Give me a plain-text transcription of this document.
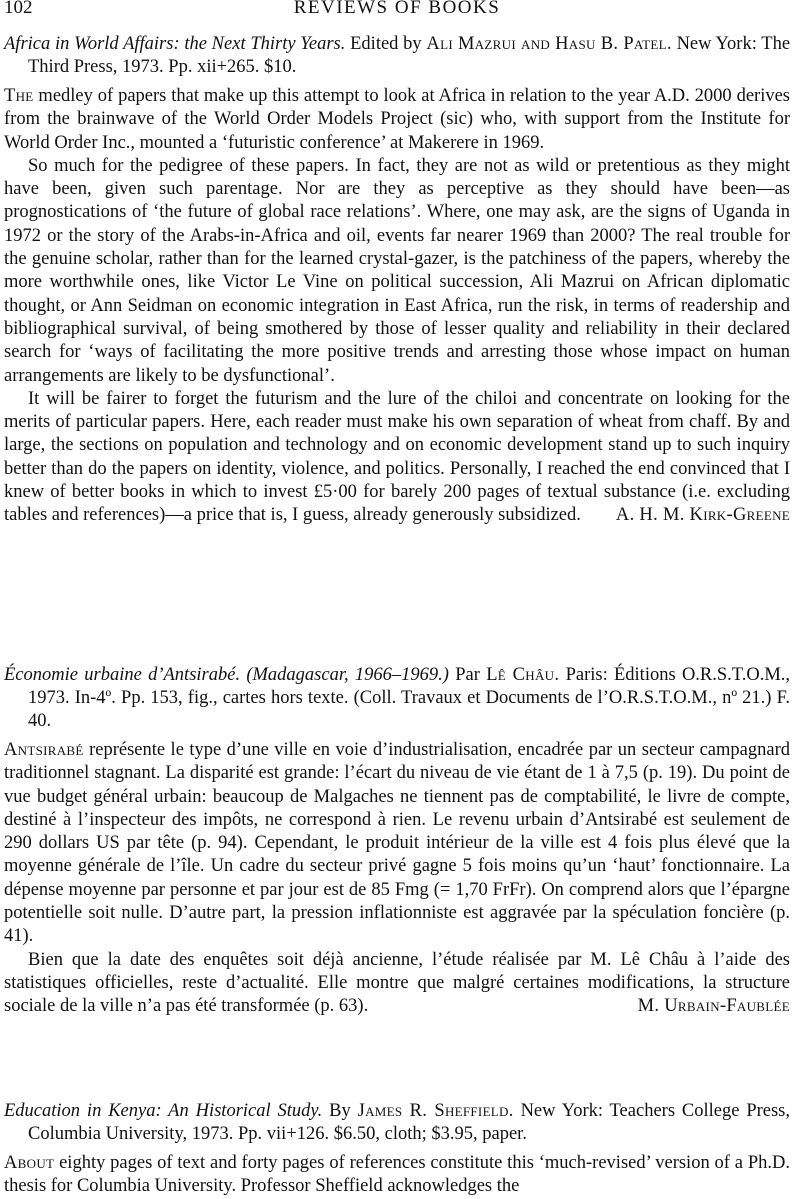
102	REVIEWS OF BOOKS

Africa in World Affairs: the Next Thirty Years. Edited by Ali Mazrui and Hasu B. Patel. New York: The Third Press, 1973. Pp. xii+265. $10.

The medley of papers that make up this attempt to look at Africa in relation to the year A.D. 2000 derives from the brainwave of the World Order Models Project (sic) who, with support from the Institute for World Order Inc., mounted a ‘futuristic conference’ at Makerere in 1969.

So much for the pedigree of these papers. In fact, they are not as wild or pretentious as they might have been, given such parentage. Nor are they as perceptive as they should have been—as prognostications of ‘the future of global race relations’. Where, one may ask, are the signs of Uganda in 1972 or the story of the Arabs-in-Africa and oil, events far nearer 1969 than 2000? The real trouble for the genuine scholar, rather than for the learned crystal-gazer, is the patchiness of the papers, whereby the more worthwhile ones, like Victor Le Vine on political succession, Ali Mazrui on African diplomatic thought, or Ann Seidman on economic integration in East Africa, run the risk, in terms of readership and bibliographical survival, of being smothered by those of lesser quality and reliability in their declared search for ‘ways of facilitating the more positive trends and arresting those whose impact on human arrangements are likely to be dysfunctional’.

It will be fairer to forget the futurism and the lure of the chiloi and concentrate on looking for the merits of particular papers. Here, each reader must make his own separation of wheat from chaff. By and large, the sections on population and technology and on economic development stand up to such inquiry better than do the papers on identity, violence, and politics. Personally, I reached the end convinced that I knew of better books in which to invest £5·00 for barely 200 pages of textual substance (i.e. excluding tables and references)—a price that is, I guess, already generously subsidized.	A. H. M. Kirk-Greene

Économie urbaine d’Antsirabé. (Madagascar, 1966–1969.) Par Lê Châu. Paris: Éditions O.R.S.T.O.M., 1973. In-4º. Pp. 153, fig., cartes hors texte. (Coll. Travaux et Documents de l’O.R.S.T.O.M., nº 21.) F. 40.

Antsirabé représente le type d’une ville en voie d’industrialisation, encadrée par un secteur campagnard traditionnel stagnant. La disparité est grande: l’écart du niveau de vie étant de 1 à 7,5 (p. 19). Du point de vue budget général urbain: beaucoup de Malgaches ne tiennent pas de comptabilité, le livre de compte, destiné à l’inspecteur des impôts, ne correspond à rien. Le revenu urbain d’Antsirabé est seulement de 290 dollars US par tête (p. 94). Cependant, le produit intérieur de la ville est 4 fois plus élevé que la moyenne générale de l’île. Un cadre du secteur privé gagne 5 fois moins qu’un ‘haut’ fonctionnaire. La dépense moyenne par personne et par jour est de 85 Fmg (= 1,70 FrFr). On comprend alors que l’épargne potentielle soit nulle. D’autre part, la pression inflationniste est aggravée par la spéculation foncière (p. 41).

Bien que la date des enquêtes soit déjà ancienne, l’étude réalisée par M. Lê Châu à l’aide des statistiques officielles, reste d’actualité. Elle montre que malgré certaines modifications, la structure sociale de la ville n’a pas été transformée (p. 63).	M. Urbain-Faublée

Education in Kenya: An Historical Study. By James R. Sheffield. New York: Teachers College Press, Columbia University, 1973. Pp. vii+126. $6.50, cloth; $3.95, paper.

About eighty pages of text and forty pages of references constitute this ‘much-revised’ version of a Ph.D. thesis for Columbia University. Professor Sheffield acknowledges the
